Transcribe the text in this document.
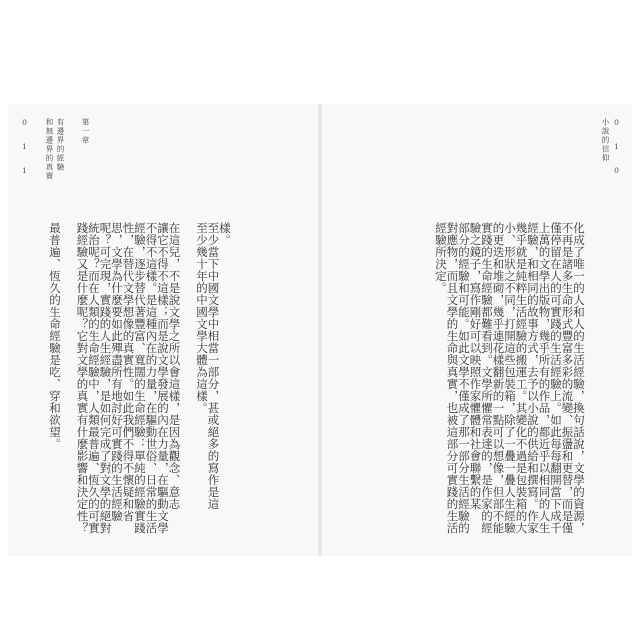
0 1 1	第一章
有邊界的經驗
和無邊界的真實	小說的信仰 0 1 0
樣。
至少當下中國文學中相當一部分，甚或絕多的寫作是這
至少幾十年的中國文學大體為這樣。
在這兒，不是說文學之所以會這樣，是因為觀念、意志
讓它不得不這樣；而是說文學發展的內在力量，在驅動文學
不得不這樣。是這種內在的力量，在驅動世俗、日常的生活
經驗，逐步替代著豐富、寬闊的生命經驗：單純的經驗實踐
性，在替代文學想像的真實性。如此我們不得不懷疑和省
思，文學為什麼要如此殫盡所有地討好可實踐的生活經驗
呢？可完現，實踐的人生經驗，是如何完成了對文學的絕對
統治呢？而在人類的生命經驗中，人類最普遍、恆久的可實
踐經驗又是什麼呢？它對文學的真實有什麼影響和決定性？
最普遍、恆久的生命經驗是吃、穿和欲望。	化成了唯一的人和人的生活經驗，換句話說，文學的資源，
不再是諸多生命形式豐富多彩的流變、振盪和更替，而是僅
僅停留在人的可實踐的生活經驗上。如此每每翻開當下成千
上萬的文學出版物，幾乎所有的作品，都近乎以相同的人生
經驗，和相同的故事方式，去予以小說的供給和撰寫。作家
幾乎就是純粹生活經驗的搬運工。其變化不過是包裝箱的大
小、形狀之不同，打開這些包裝箱，除了一疊一疊人生經驗
的更迭和堆砌，幾乎連花樣翻新的一點可以想像，但部不能
實踐的生命經驗都難看到。文學所懼常表達的，是作家的經
驗之鏡子，寫作剛好可以映照作家懼體和社會聯繫的某
部分的經驗和可能。如此文學不僅成了那一部分生活經驗的
對應物，而且文學的生命與真實，也被這部分可實踐的生活
經驗所決定。
